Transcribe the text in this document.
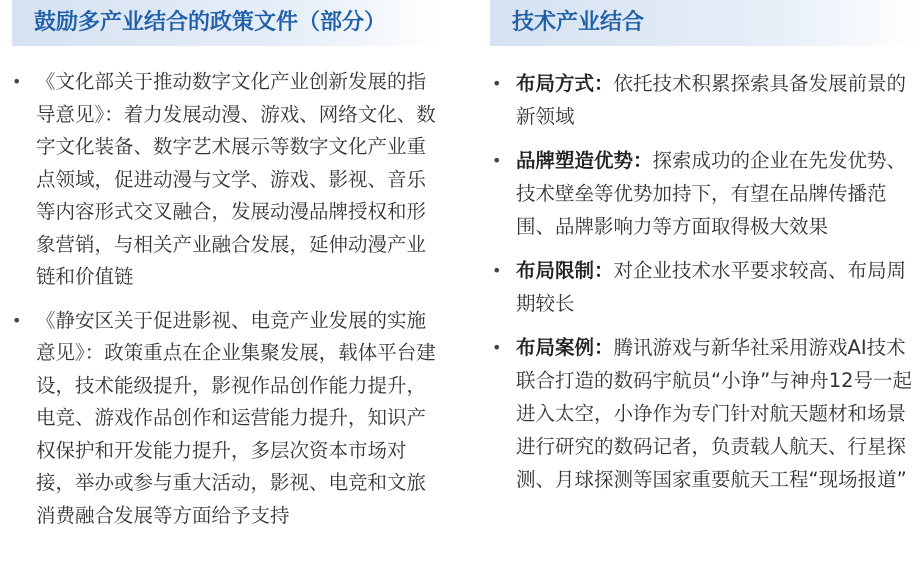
鼓励多产业结合的政策文件（部分）
• 《文化部关于推动数字文化产业创新发展的指导意见》：着力发展动漫、游戏、网络文化、数字文化装备、数字艺术展示等数字文化产业重点领域，促进动漫与文学、游戏、影视、音乐等内容形式交叉融合，发展动漫品牌授权和形象营销，与相关产业融合发展，延伸动漫产业链和价值链
• 《静安区关于促进影视、电竞产业发展的实施意见》：政策重点在企业集聚发展，载体平台建设，技术能级提升，影视作品创作能力提升，电竞、游戏作品创作和运营能力提升，知识产权保护和开发能力提升，多层次资本市场对接，举办或参与重大活动，影视、电竞和文旅消费融合发展等方面给予支持
技术产业结合
• 布局方式：依托技术积累探索具备发展前景的新领域
• 品牌塑造优势：探索成功的企业在先发优势、技术壁垒等优势加持下，有望在品牌传播范围、品牌影响力等方面取得极大效果
• 布局限制：对企业技术水平要求较高、布局周期较长
• 布局案例：腾讯游戏与新华社采用游戏AI技术联合打造的数码宇航员“小诤”与神舟12号一起进入太空，小诤作为专门针对航天题材和场景进行研究的数码记者，负责载人航天、行星探测、月球探测等国家重要航天工程“现场报道”
